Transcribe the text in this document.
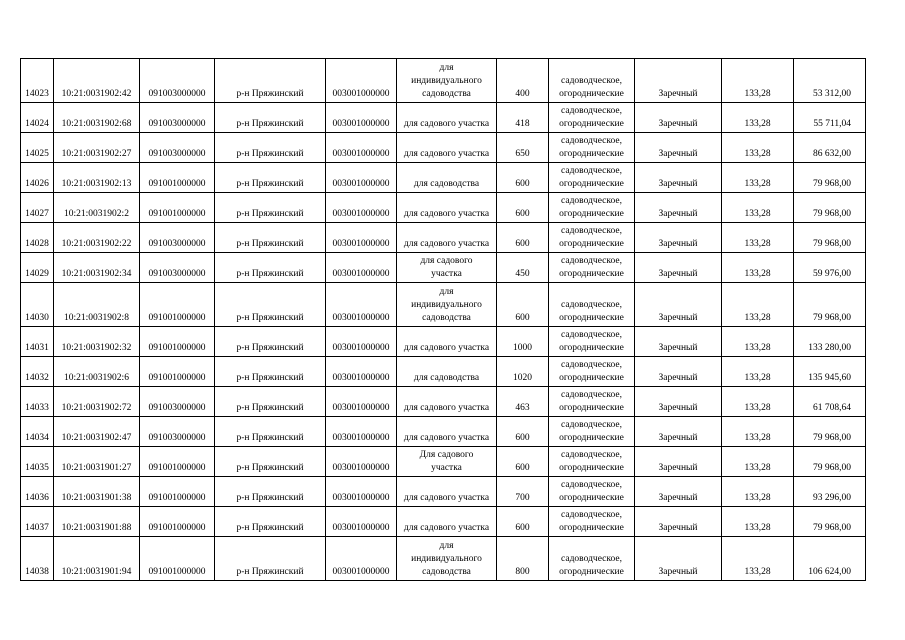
14023	10:21:0031902:42	091003000000	р-н Пряжинский	003001000000	для индивидуального садоводства	400	садоводческое, огороднические	Заречный	133,28	53 312,00
14024	10:21:0031902:68	091003000000	р-н Пряжинский	003001000000	для садового участка	418	садоводческое, огороднические	Заречный	133,28	55 711,04
14025	10:21:0031902:27	091003000000	р-н Пряжинский	003001000000	для садового участка	650	садоводческое, огороднические	Заречный	133,28	86 632,00
14026	10:21:0031902:13	091001000000	р-н Пряжинский	003001000000	для садоводства	600	садоводческое, огороднические	Заречный	133,28	79 968,00
14027	10:21:0031902:2	091001000000	р-н Пряжинский	003001000000	для садового участка	600	садоводческое, огороднические	Заречный	133,28	79 968,00
14028	10:21:0031902:22	091003000000	р-н Пряжинский	003001000000	для садового участка	600	садоводческое, огороднические	Заречный	133,28	79 968,00
14029	10:21:0031902:34	091003000000	р-н Пряжинский	003001000000	для садового участка	450	садоводческое, огороднические	Заречный	133,28	59 976,00
14030	10:21:0031902:8	091001000000	р-н Пряжинский	003001000000	для индивидуального садоводства	600	садоводческое, огороднические	Заречный	133,28	79 968,00
14031	10:21:0031902:32	091001000000	р-н Пряжинский	003001000000	для садового участка	1000	садоводческое, огороднические	Заречный	133,28	133 280,00
14032	10:21:0031902:6	091001000000	р-н Пряжинский	003001000000	для садоводства	1020	садоводческое, огороднические	Заречный	133,28	135 945,60
14033	10:21:0031902:72	091003000000	р-н Пряжинский	003001000000	для садового участка	463	садоводческое, огороднические	Заречный	133,28	61 708,64
14034	10:21:0031902:47	091003000000	р-н Пряжинский	003001000000	для садового участка	600	садоводческое, огороднические	Заречный	133,28	79 968,00
14035	10:21:0031901:27	091001000000	р-н Пряжинский	003001000000	Для садового участка	600	садоводческое, огороднические	Заречный	133,28	79 968,00
14036	10:21:0031901:38	091001000000	р-н Пряжинский	003001000000	для садового участка	700	садоводческое, огороднические	Заречный	133,28	93 296,00
14037	10:21:0031901:88	091001000000	р-н Пряжинский	003001000000	для садового участка	600	садоводческое, огороднические	Заречный	133,28	79 968,00
14038	10:21:0031901:94	091001000000	р-н Пряжинский	003001000000	для индивидуального садоводства	800	садоводческое, огороднические	Заречный	133,28	106 624,00
